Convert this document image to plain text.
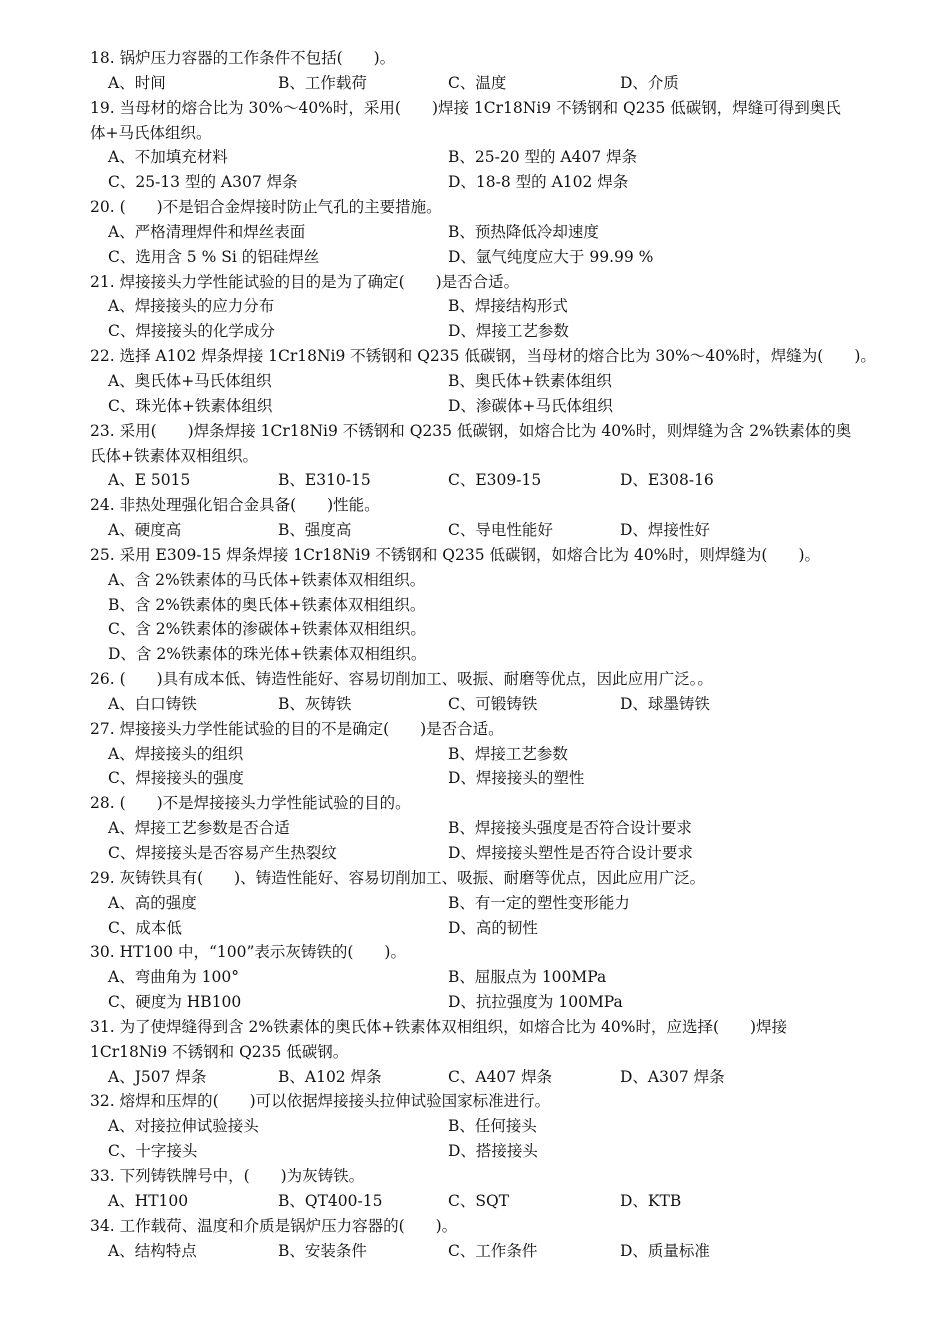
18. 锅炉压力容器的工作条件不包括(　　)。
A、时间	B、工作载荷	C、温度	D、介质
19. 当母材的熔合比为 30%～40%时，采用(　　)焊接 1Cr18Ni9 不锈钢和 Q235 低碳钢，焊缝可得到奥氏
体+马氏体组织。
A、不加填充材料	B、25-20 型的 A407 焊条
C、25-13 型的 A307 焊条	D、18-8 型的 A102 焊条
20. (　　)不是铝合金焊接时防止气孔的主要措施。
A、严格清理焊件和焊丝表面	B、预热降低冷却速度
C、选用含 5 % Si 的铝硅焊丝	D、氩气纯度应大于 99.99 %
21. 焊接接头力学性能试验的目的是为了确定(　　)是否合适。
A、焊接接头的应力分布	B、焊接结构形式
C、焊接接头的化学成分	D、焊接工艺参数
22. 选择 A102 焊条焊接 1Cr18Ni9 不锈钢和 Q235 低碳钢，当母材的熔合比为 30%～40%时，焊缝为(　　)。
A、奥氏体+马氏体组织	B、奥氏体+铁素体组织
C、珠光体+铁素体组织	D、渗碳体+马氏体组织
23. 采用(　　)焊条焊接 1Cr18Ni9 不锈钢和 Q235 低碳钢，如熔合比为 40%时，则焊缝为含 2%铁素体的奥
氏体+铁素体双相组织。
A、E 5015	B、E310-15	C、E309-15	D、E308-16
24. 非热处理强化铝合金具备(　　)性能。
A、硬度高	B、强度高	C、导电性能好	D、焊接性好
25. 采用 E309-15 焊条焊接 1Cr18Ni9 不锈钢和 Q235 低碳钢，如熔合比为 40%时，则焊缝为(　　)。
A、含 2%铁素体的马氏体+铁素体双相组织。
B、含 2%铁素体的奥氏体+铁素体双相组织。
C、含 2%铁素体的渗碳体+铁素体双相组织。
D、含 2%铁素体的珠光体+铁素体双相组织。
26. (　　)具有成本低、铸造性能好、容易切削加工、吸振、耐磨等优点，因此应用广泛。。
A、白口铸铁	B、灰铸铁	C、可锻铸铁	D、球墨铸铁
27. 焊接接头力学性能试验的目的不是确定(　　)是否合适。
A、焊接接头的组织	B、焊接工艺参数
C、焊接接头的强度	D、焊接接头的塑性
28. (　　)不是焊接接头力学性能试验的目的。
A、焊接工艺参数是否合适	B、焊接接头强度是否符合设计要求
C、焊接接头是否容易产生热裂纹	D、焊接接头塑性是否符合设计要求
29. 灰铸铁具有(　　)、铸造性能好、容易切削加工、吸振、耐磨等优点，因此应用广泛。
A、高的强度	B、有一定的塑性变形能力
C、成本低	D、高的韧性
30. HT100 中，“100”表示灰铸铁的(　　)。
A、弯曲角为 100°	B、屈服点为 100MPa
C、硬度为 HB100	D、抗拉强度为 100MPa
31. 为了使焊缝得到含 2%铁素体的奥氏体+铁素体双相组织，如熔合比为 40%时，应选择(　　)焊接
1Cr18Ni9 不锈钢和 Q235 低碳钢。
A、J507 焊条	B、A102 焊条	C、A407 焊条	D、A307 焊条
32. 熔焊和压焊的(　　)可以依据焊接接头拉伸试验国家标准进行。
A、对接拉伸试验接头	B、任何接头
C、十字接头	D、搭接接头
33. 下列铸铁牌号中，(　　)为灰铸铁。
A、HT100	B、QT400-15	C、SQT	D、KTB
34. 工作载荷、温度和介质是锅炉压力容器的(　　)。
A、结构特点	B、安装条件	C、工作条件	D、质量标准
